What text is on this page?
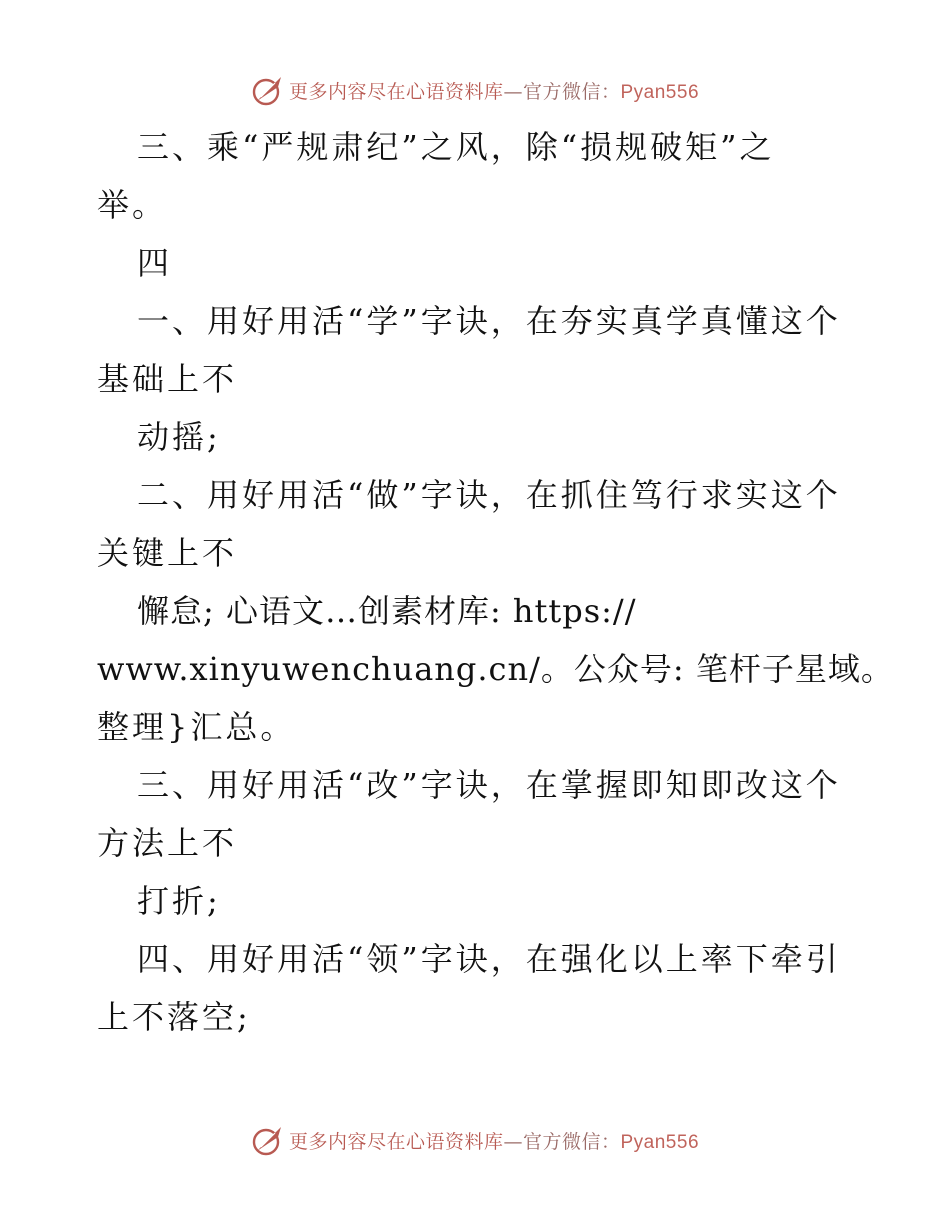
更多内容尽在心语资料库—官方微信：Pyan556
三、乘“严规肃纪”之风，除“损规破矩”之
举。
四
一、用好用活“学”字诀，在夯实真学真懂这个
基础上不
动摇;
二、用好用活“做”字诀，在抓住笃行求实这个
关键上不
懈怠; 心语文…创素材库: https://
www.xinyuwenchuang.cn/。公众号: 笔杆子星域。
整理}汇总。
三、用好用活“改”字诀，在掌握即知即改这个
方法上不
打折;
四、用好用活“领”字诀，在强化以上率下牵引
上不落空;
更多内容尽在心语资料库—官方微信：Pyan556
